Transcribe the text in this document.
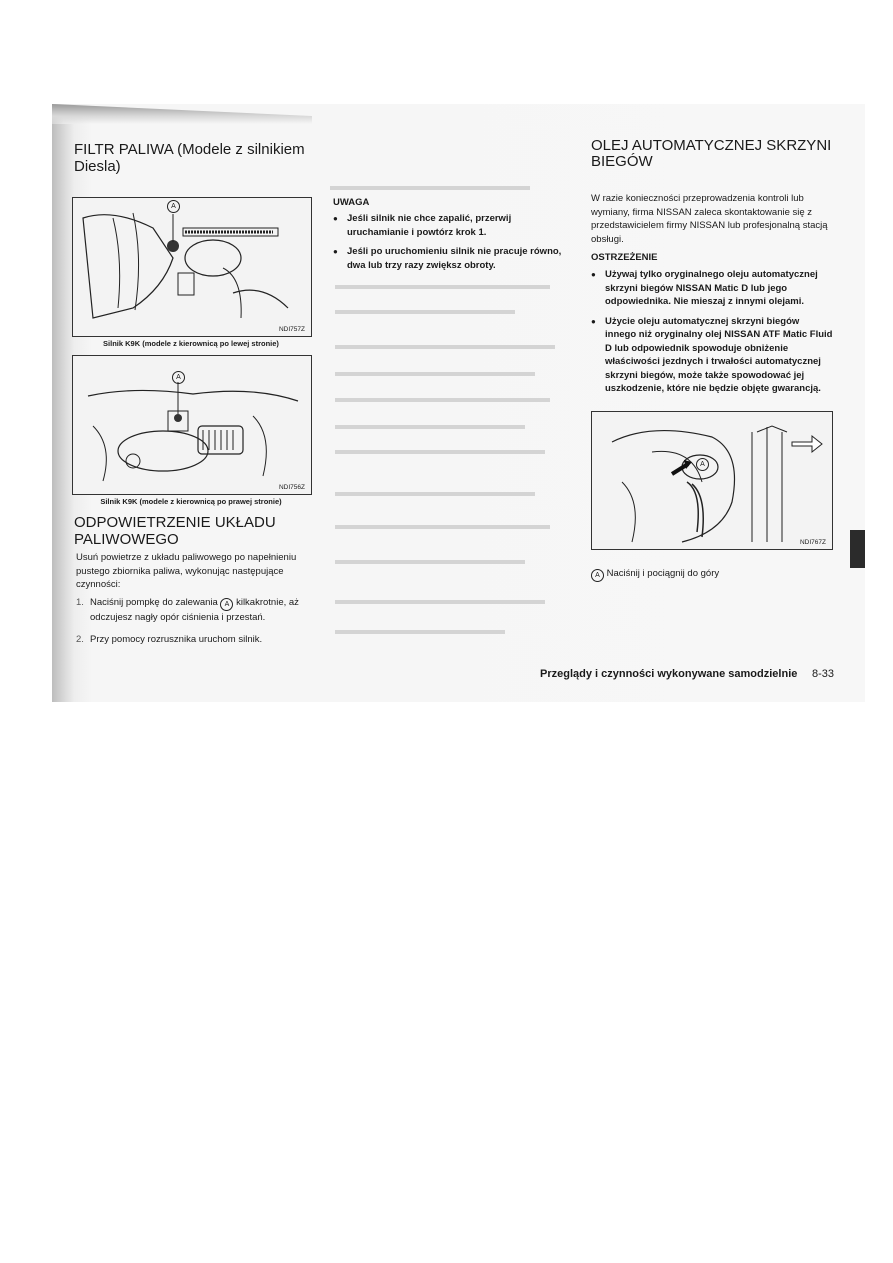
FILTR PALIWA (Modele z silnikiem
Diesla)
A
NDI757Z
Silnik K9K (modele z kierownicą po lewej stronie)
A
NDI756Z
Silnik K9K (modele z kierownicą po prawej stronie)
ODPOWIETRZENIE UKŁADU
PALIWOWEGO

Usuń powietrze z układu paliwowego po napełnieniu pustego zbiornika paliwa, wykonując następujące czynności:

1. Naciśnij pompkę do zalewania A kilkakrotnie, aż odczujesz nagły opór ciśnienia i przestań.
2. Przy pomocy rozrusznika uruchom silnik.
UWAGA
● Jeśli silnik nie chce zapalić, przerwij uruchamianie i powtórz krok 1.
● Jeśli po uruchomieniu silnik nie pracuje równo, dwa lub trzy razy zwiększ obroty.
OLEJ AUTOMATYCZNEJ SKRZYNI
BIEGÓW

W razie konieczności przeprowadzenia kontroli lub wymiany, firma NISSAN zaleca skontaktowanie się z przedstawicielem firmy NISSAN lub profesjonalną stacją obsługi.

OSTRZEŻENIE
● Używaj tylko oryginalnego oleju automatycznej skrzyni biegów NISSAN Matic D lub jego odpowiednika. Nie mieszaj z innymi olejami.
● Użycie oleju automatycznej skrzyni biegów innego niż oryginalny olej NISSAN ATF Matic Fluid D lub odpowiednik spowoduje obniżenie właściwości jezdnych i trwałości automatycznej skrzyni biegów, może także spowodować jej uszkodzenie, które nie będzie objęte gwarancją.
A
NDI767Z
A Naciśnij i pociągnij do góry
Przeglądy i czynności wykonywane samodzielnie 8-33
